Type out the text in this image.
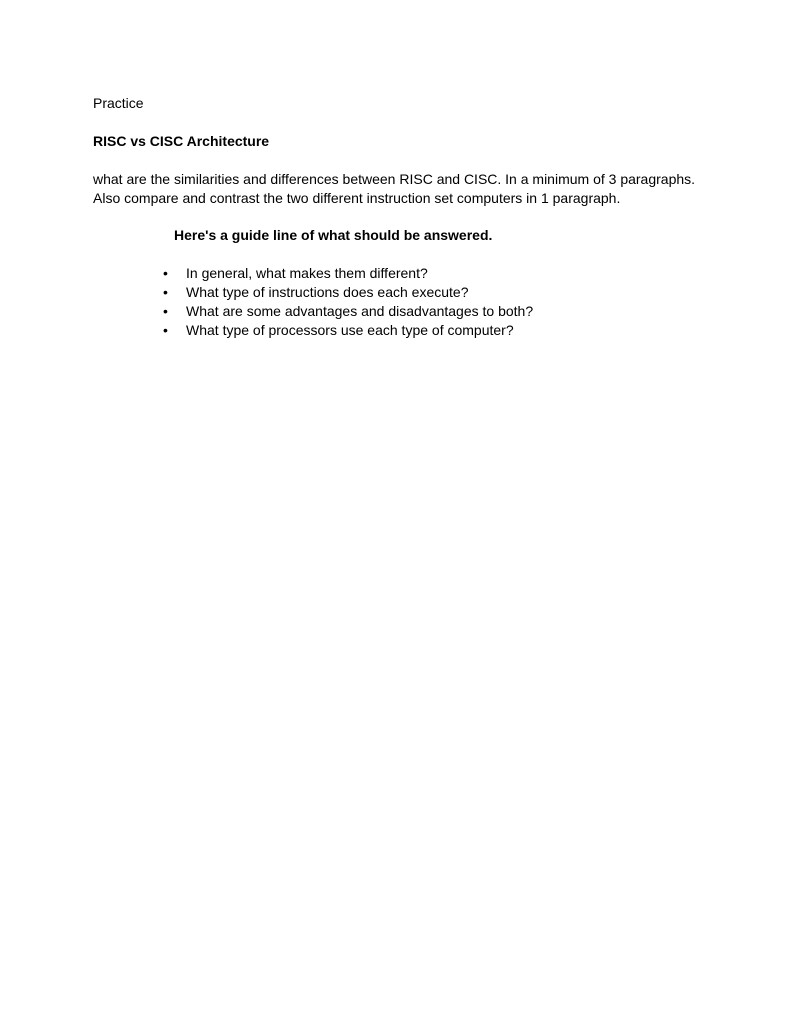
Practice
RISC vs CISC Architecture
what are the similarities and differences between RISC and CISC. In a minimum of 3 paragraphs.
Also compare and contrast the two different instruction set computers in 1 paragraph.
Here's a guide line of what should be answered.
• In general, what makes them different?
• What type of instructions does each execute?
• What are some advantages and disadvantages to both?
• What type of processors use each type of computer?
